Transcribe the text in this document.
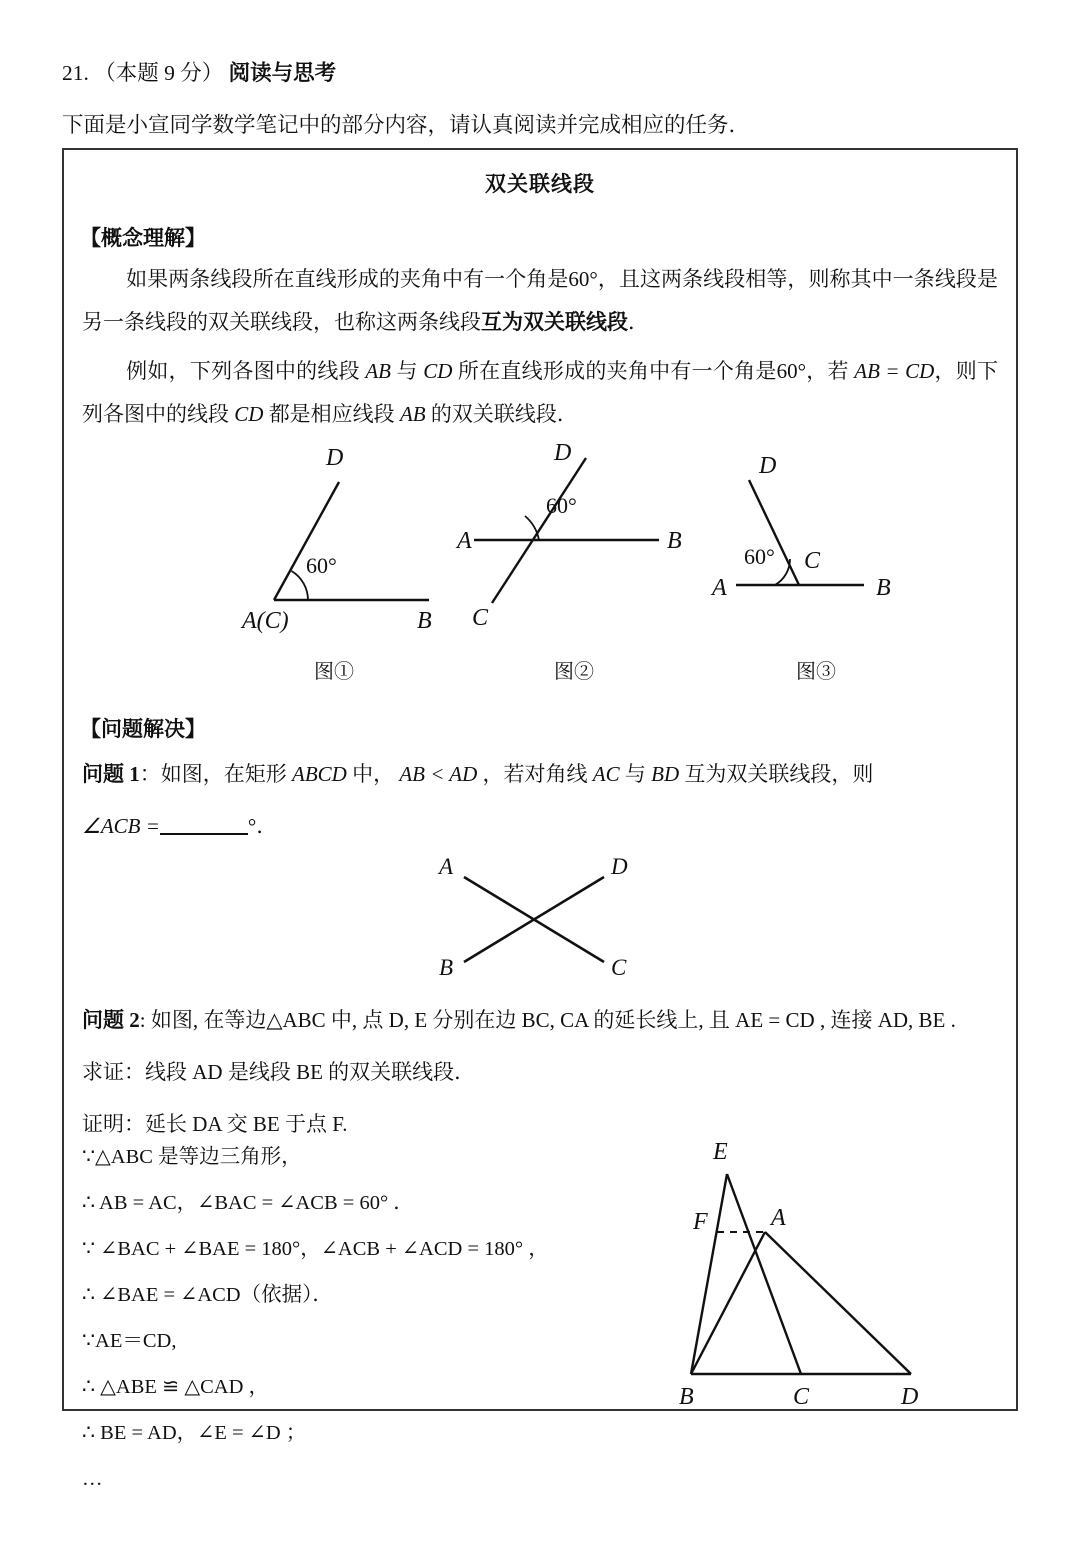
21. （本题 9 分） 阅读与思考
下面是小宣同学数学笔记中的部分内容，请认真阅读并完成相应的任务．
双关联线段
【概念理解】
如果两条线段所在直线形成的夹角中有一个角是60°，且这两条线段相等，则称其中一条线段是另一条线段的双关联线段，也称这两条线段互为双关联线段．
例如，下列各图中的线段 AB 与 CD 所在直线形成的夹角中有一个角是60°，若 AB = CD，则下列各图中的线段 CD 都是相应线段 AB 的双关联线段．
D
A(C)	B
60°
D
A	B
C
60°
D
A	B
C
60°
图①	图②	图③
【问题解决】
问题 1：如图，在矩形 ABCD 中， AB < AD ，若对角线 AC 与 BD 互为双关联线段，则
∠ACB =	°．
A	D
B	C
问题 2: 如图, 在等边△ABC 中, 点 D, E 分别在边 BC, CA 的延长线上, 且 AE = CD , 连接 AD, BE .
求证：线段 AD 是线段 BE 的双关联线段．
证明：延长 DA 交 BE 于点 F.
∵△ABC 是等边三角形，
∴ AB = AC，∠BAC = ∠ACB = 60° ．
∵ ∠BAC + ∠BAE = 180°，∠ACB + ∠ACD = 180° ，
∴ ∠BAE = ∠ACD（依据）．
∵AE＝CD,
∴ △ABE ≌ △CAD ，
∴ BE = AD，∠E = ∠D ；
…
E
F	A
B	C	D
